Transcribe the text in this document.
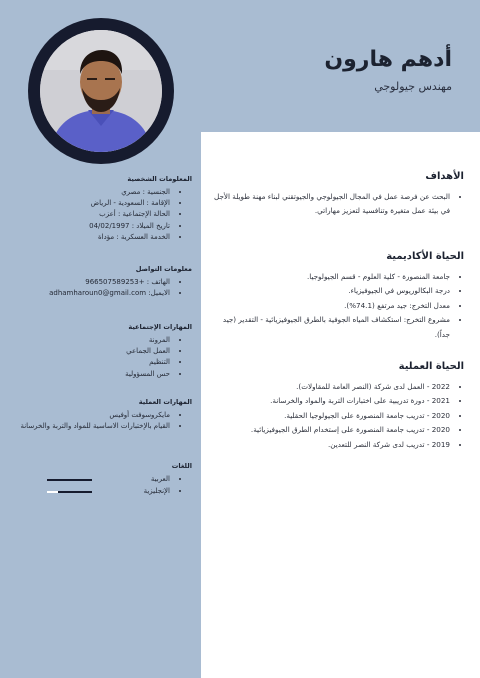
أدهم هارون
مهندس جيولوجي
الأهداف
• البحث عن فرصة عمل في المجال الجيولوجي والجيوتقني لبناء مهنة طويلة الأجل في بيئة عمل متغيرة وتنافسية لتعزيز مهاراتي.
الحياة الأكاديمية
• جامعة المنصورة - كلية العلوم - قسم الجيولوجيا.
• درجة البكالوريوس في الجيوفيزياء.
• معدل التخرج: جيد مرتفع (74.1%).
• مشروع التخرج: استكشاف المياه الجوفية بالطرق الجيوفيزيائية - التقدير (جيد جداً).
الحياة العملية
• 2022 - العمل لدى شركة (النصر العامة للمقاولات).
• 2021 - دورة تدريبية على اختبارات التربة والمواد والخرسانة.
• 2020 - تدريب جامعة المنصورة على الجيولوجيا الحقلية.
• 2020 - تدريب جامعة المنصورة على إستخدام الطرق الجيوفيزيائية.
• 2019 - تدريب لدى شركة النصر للتعدين.
المعلومات الشخصية
• الجنسية : مصري
• الإقامة : السعودية - الرياض
• الحالة الإجتماعية : أعزب
• تاريخ الميلاد : 04/02/1997
• الخدمة العسكرية : مؤداة
معلومات التواصل
• الهاتف : +966507589253
• الايميل: adhamharoun0@gmail.com
المهارات الإجتماعية
• المرونة
• العمل الجماعي
• التنظيم
• حس المسؤولية
المهارات العملية
• مايكروسوفت أوفيس
• القيام بالإختبارات الاساسية للمواد والتربة والخرسانة
اللغات
• العربية
• الإنجليزية
